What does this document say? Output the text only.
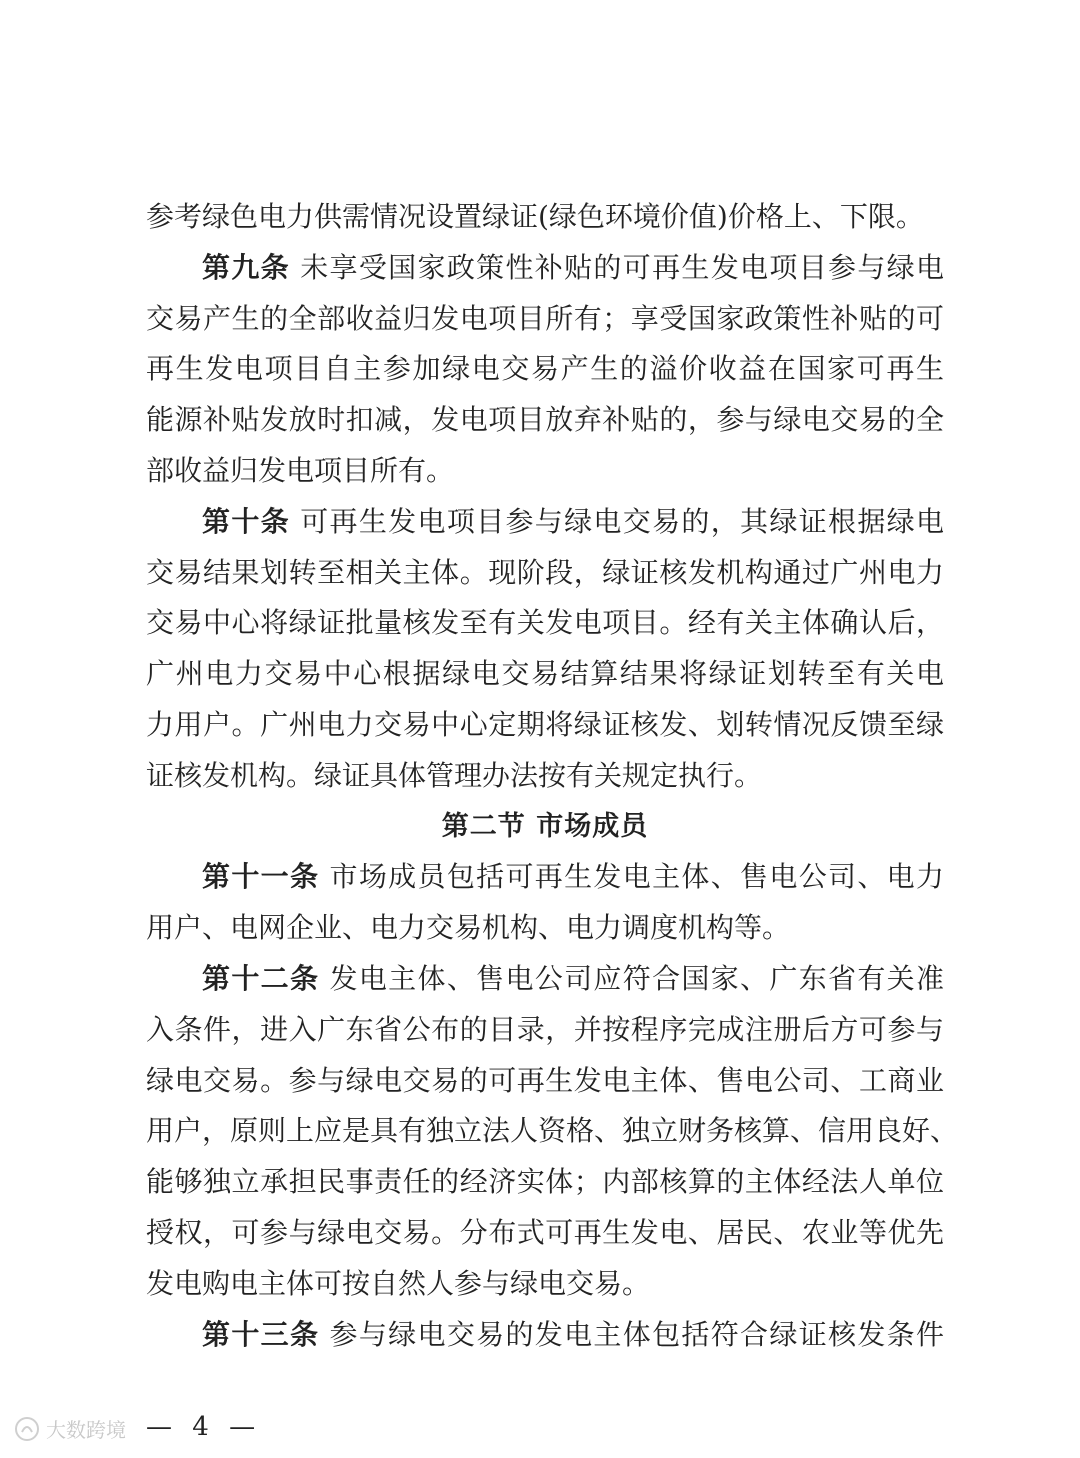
参考绿色电力供需情况设置绿证(绿色环境价值)价格上、下限。
第九条 未享受国家政策性补贴的可再生发电项目参与绿电
交易产生的全部收益归发电项目所有；享受国家政策性补贴的可
再生发电项目自主参加绿电交易产生的溢价收益在国家可再生
能源补贴发放时扣减，发电项目放弃补贴的，参与绿电交易的全
部收益归发电项目所有。
第十条 可再生发电项目参与绿电交易的，其绿证根据绿电
交易结果划转至相关主体。现阶段，绿证核发机构通过广州电力
交易中心将绿证批量核发至有关发电项目。经有关主体确认后，
广州电力交易中心根据绿电交易结算结果将绿证划转至有关电
力用户。广州电力交易中心定期将绿证核发、划转情况反馈至绿
证核发机构。绿证具体管理办法按有关规定执行。
第二节 市场成员
第十一条 市场成员包括可再生发电主体、售电公司、电力
用户、电网企业、电力交易机构、电力调度机构等。
第十二条 发电主体、售电公司应符合国家、广东省有关准
入条件，进入广东省公布的目录，并按程序完成注册后方可参与
绿电交易。参与绿电交易的可再生发电主体、售电公司、工商业
用户，原则上应是具有独立法人资格、独立财务核算、信用良好、
能够独立承担民事责任的经济实体；内部核算的主体经法人单位
授权，可参与绿电交易。分布式可再生发电、居民、农业等优先
发电购电主体可按自然人参与绿电交易。
第十三条 参与绿电交易的发电主体包括符合绿证核发条件
大数跨境 — 4 —
